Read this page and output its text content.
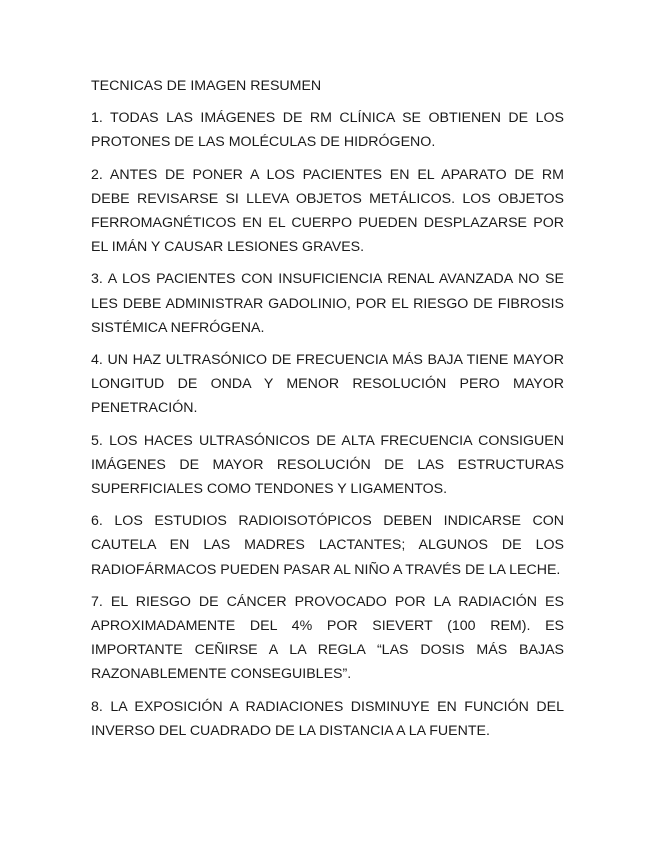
TECNICAS DE IMAGEN RESUMEN

1. TODAS LAS IMÁGENES DE RM CLÍNICA SE OBTIENEN DE LOS PROTONES DE LAS MOLÉCULAS DE HIDRÓGENO.

2. ANTES DE PONER A LOS PACIENTES EN EL APARATO DE RM DEBE REVISARSE SI LLEVA OBJETOS METÁLICOS. LOS OBJETOS FERROMAGNÉTICOS EN EL CUERPO PUEDEN DESPLAZARSE POR EL IMÁN Y CAUSAR LESIONES GRAVES.

3. A LOS PACIENTES CON INSUFICIENCIA RENAL AVANZADA NO SE LES DEBE ADMINISTRAR GADOLINIO, POR EL RIESGO DE FIBROSIS SISTÉMICA NEFRÓGENA.

4. UN HAZ ULTRASÓNICO DE FRECUENCIA MÁS BAJA TIENE MAYOR LONGITUD DE ONDA Y MENOR RESOLUCIÓN PERO MAYOR PENETRACIÓN.

5. LOS HACES ULTRASÓNICOS DE ALTA FRECUENCIA CONSIGUEN IMÁGENES DE MAYOR RESOLUCIÓN DE LAS ESTRUCTURAS SUPERFICIALES COMO TENDONES Y LIGAMENTOS.

6. LOS ESTUDIOS RADIOISOTÓPICOS DEBEN INDICARSE CON CAUTELA EN LAS MADRES LACTANTES; ALGUNOS DE LOS RADIOFÁRMACOS PUEDEN PASAR AL NIÑO A TRAVÉS DE LA LECHE.

7. EL RIESGO DE CÁNCER PROVOCADO POR LA RADIACIÓN ES APROXIMADAMENTE DEL 4% POR SIEVERT (100 REM). ES IMPORTANTE CEÑIRSE A LA REGLA “LAS DOSIS MÁS BAJAS RAZONABLEMENTE CONSEGUIBLES”.

8. LA EXPOSICIÓN A RADIACIONES DISMINUYE EN FUNCIÓN DEL INVERSO DEL CUADRADO DE LA DISTANCIA A LA FUENTE.
